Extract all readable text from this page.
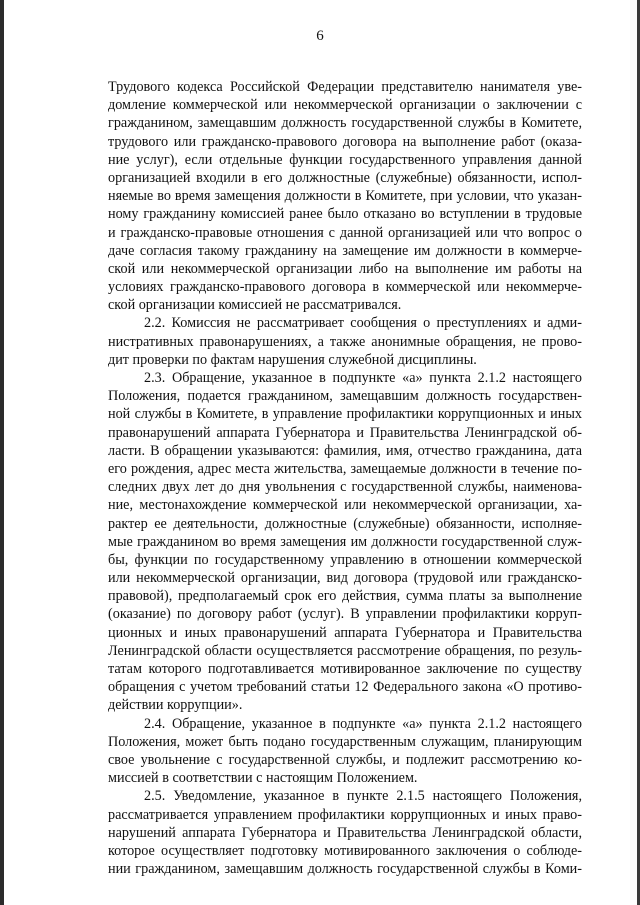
6
Трудового кодекса Российской Федерации представителю нанимателя уве-
домление коммерческой или некоммерческой организации о заключении с
гражданином, замещавшим должность государственной службы в Комитете,
трудового или гражданско-правового договора на выполнение работ (оказа-
ние услуг), если отдельные функции государственного управления данной
организацией входили в его должностные (служебные) обязанности, испол-
няемые во время замещения должности в Комитете, при условии, что указан-
ному гражданину комиссией ранее было отказано во вступлении в трудовые
и гражданско-правовые отношения с данной организацией или что вопрос о
даче согласия такому гражданину на замещение им должности в коммерче-
ской или некоммерческой организации либо на выполнение им работы на
условиях гражданско-правового договора в коммерческой или некоммерче-
ской организации комиссией не рассматривался.
2.2. Комиссия не рассматривает сообщения о преступлениях и адми-
нистративных правонарушениях, а также анонимные обращения, не прово-
дит проверки по фактам нарушения служебной дисциплины.
2.3. Обращение, указанное в подпункте «а» пункта 2.1.2 настоящего
Положения, подается гражданином, замещавшим должность государствен-
ной службы в Комитете, в управление профилактики коррупционных и иных
правонарушений аппарата Губернатора и Правительства Ленинградской об-
ласти. В обращении указываются: фамилия, имя, отчество гражданина, дата
его рождения, адрес места жительства, замещаемые должности в течение по-
следних двух лет до дня увольнения с государственной службы, наименова-
ние, местонахождение коммерческой или некоммерческой организации, ха-
рактер ее деятельности, должностные (служебные) обязанности, исполняе-
мые гражданином во время замещения им должности государственной служ-
бы, функции по государственному управлению в отношении коммерческой
или некоммерческой организации, вид договора (трудовой или гражданско-
правовой), предполагаемый срок его действия, сумма платы за выполнение
(оказание) по договору работ (услуг). В управлении профилактики корруп-
ционных и иных правонарушений аппарата Губернатора и Правительства
Ленинградской области осуществляется рассмотрение обращения, по резуль-
татам которого подготавливается мотивированное заключение по существу
обращения с учетом требований статьи 12 Федерального закона «О противо-
действии коррупции».
2.4. Обращение, указанное в подпункте «а» пункта 2.1.2 настоящего
Положения, может быть подано государственным служащим, планирующим
свое увольнение с государственной службы, и подлежит рассмотрению ко-
миссией в соответствии с настоящим Положением.
2.5. Уведомление, указанное в пункте 2.1.5 настоящего Положения,
рассматривается управлением профилактики коррупционных и иных право-
нарушений аппарата Губернатора и Правительства Ленинградской области,
которое осуществляет подготовку мотивированного заключения о соблюде-
нии гражданином, замещавшим должность государственной службы в Коми-
